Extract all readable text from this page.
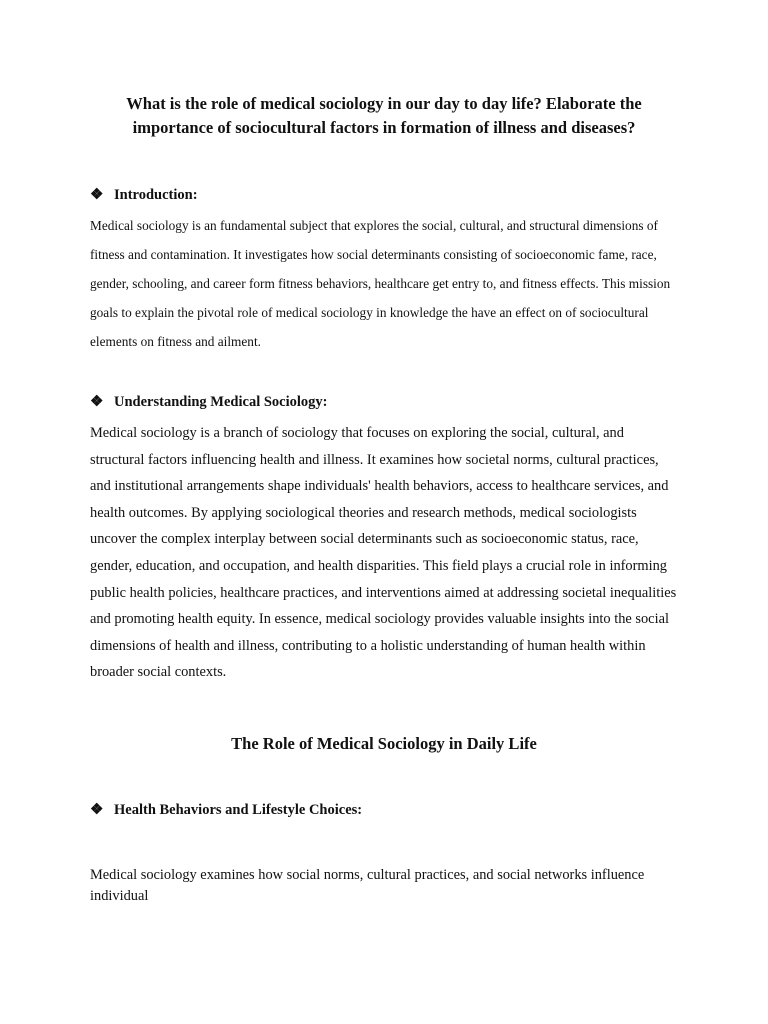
What is the role of medical sociology in our day to day life? Elaborate the importance of sociocultural factors in formation of illness and diseases?
❖ Introduction:

Medical sociology is an fundamental subject that explores the social, cultural, and structural dimensions of fitness and contamination. It investigates how social determinants consisting of socioeconomic fame, race, gender, schooling, and career form fitness behaviors, healthcare get entry to, and fitness effects. This mission goals to explain the pivotal role of medical sociology in knowledge the have an effect on of sociocultural elements on fitness and ailment.

❖ Understanding Medical Sociology:

Medical sociology is a branch of sociology that focuses on exploring the social, cultural, and structural factors influencing health and illness. It examines how societal norms, cultural practices, and institutional arrangements shape individuals' health behaviors, access to healthcare services, and health outcomes. By applying sociological theories and research methods, medical sociologists uncover the complex interplay between social determinants such as socioeconomic status, race, gender, education, and occupation, and health disparities. This field plays a crucial role in informing public health policies, healthcare practices, and interventions aimed at addressing societal inequalities and promoting health equity. In essence, medical sociology provides valuable insights into the social dimensions of health and illness, contributing to a holistic understanding of human health within broader social contexts.

The Role of Medical Sociology in Daily Life
❖ Health Behaviors and Lifestyle Choices:

Medical sociology examines how social norms, cultural practices, and social networks influence individual
